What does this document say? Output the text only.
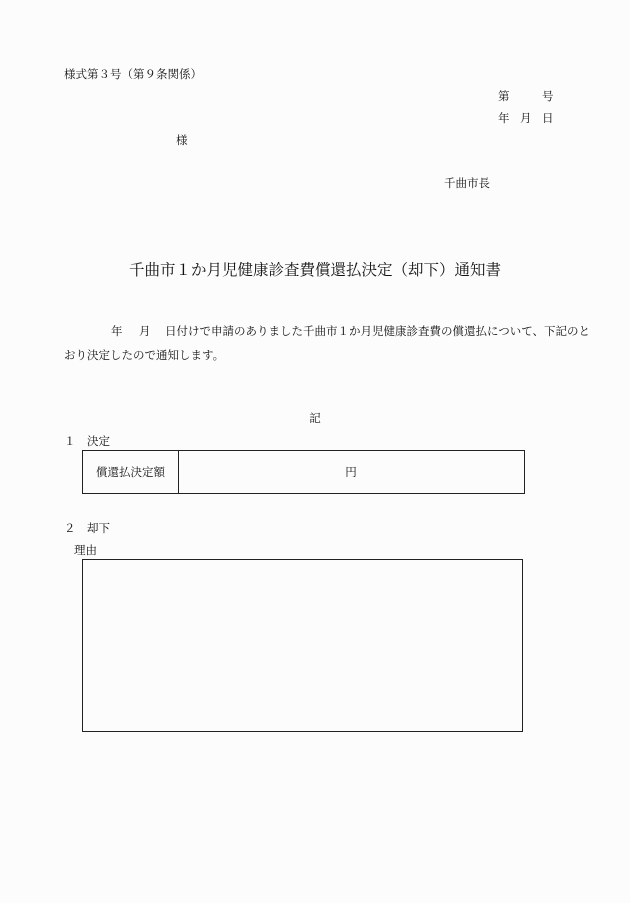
様式第３号（第９条関係）
第	号
年 月 日
様
千曲市長
千曲市１か月児健康診査費償還払決定（却下）通知書
年 月 日付けで申請のありました千曲市１か月児健康診査費の償還払について、下記のと
おり決定したので通知します。
記
１　決定
償還払決定額	円
２　却下
理由
